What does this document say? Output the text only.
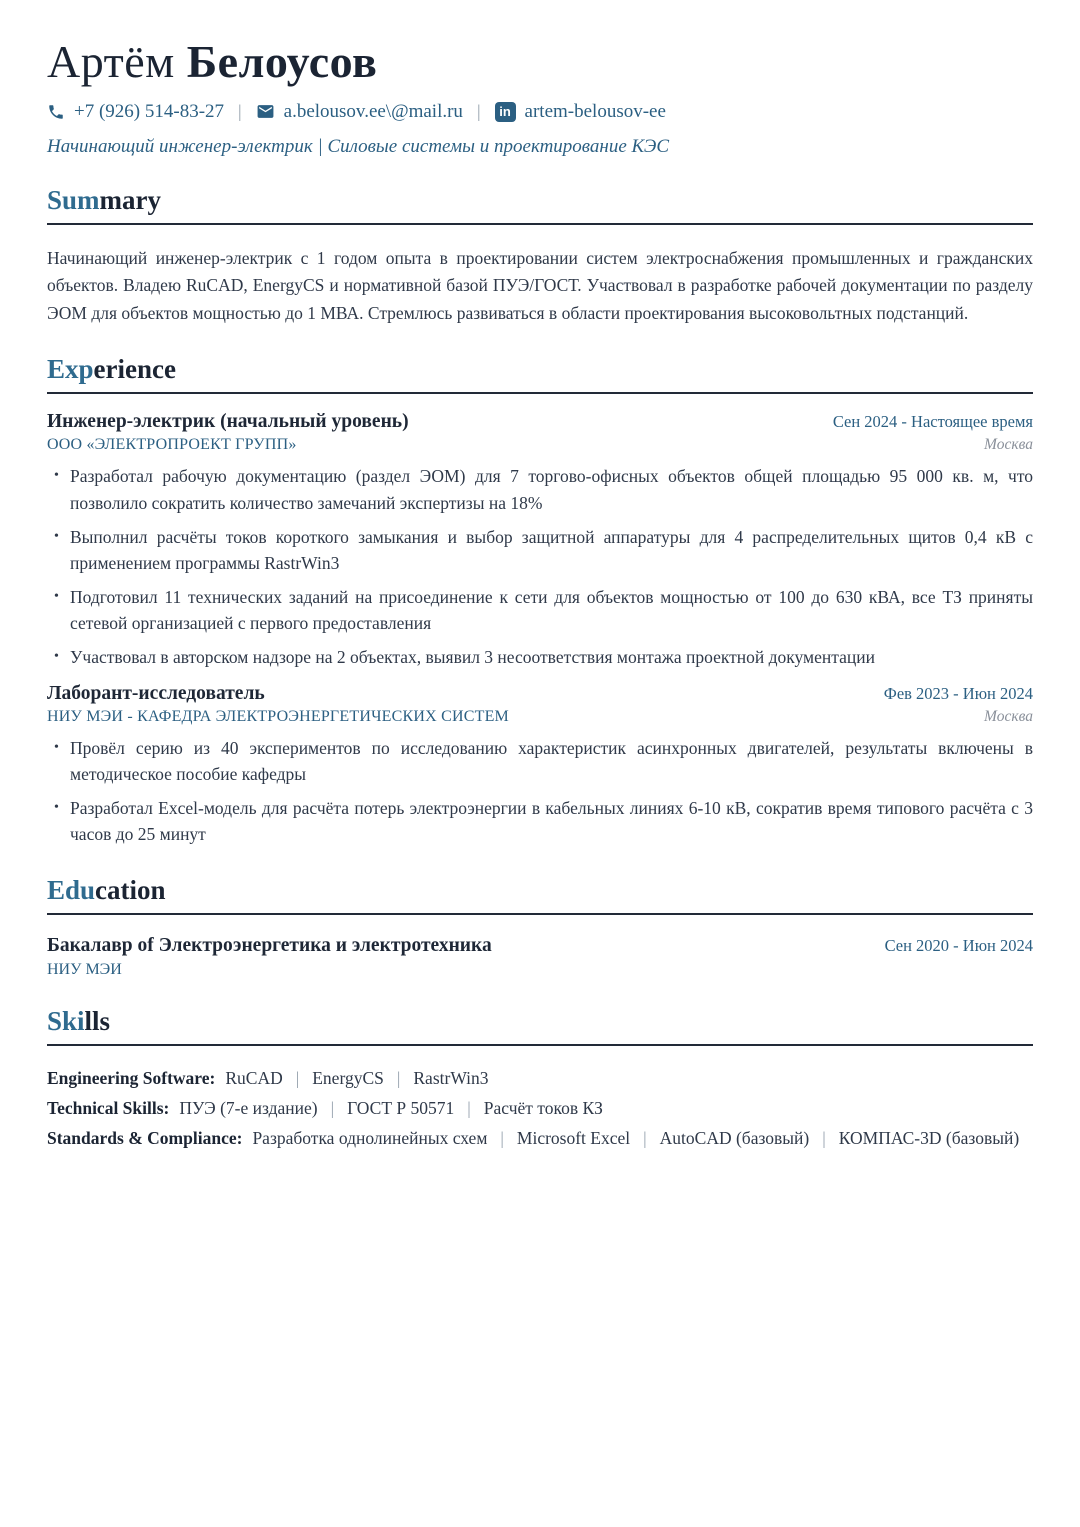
Артём Белоусов
+7 (926) 514-83-27 | a.belousov.ee\@mail.ru |	in artem-belousov-ee
Начинающий инженер-электрик | Силовые системы и проектирование КЭС
Summary

Начинающий инженер-электрик с 1 годом опыта в проектировании систем электроснабжения промышленных и гражданских объектов. Владею RuCAD, EnergyCS и нормативной базой ПУЭ/ГОСТ. Участвовал в разработке рабочей документации по разделу ЭОМ для объектов мощностью до 1 МВА. Стремлюсь развиваться в области проектирования высоковольтных подстанций.

Experience
Инженер-электрик (начальный уровень)	Сен 2024 - Настоящее время
ООО «ЭЛЕКТРОПРОЕКТ ГРУПП»	Москва
• Разработал рабочую документацию (раздел ЭОМ) для 7 торгово-офисных объектов общей площадью 95 000 кв. м, что позволило сократить количество замечаний экспертизы на 18%
• Выполнил расчёты токов короткого замыкания и выбор защитной аппаратуры для 4 распределительных щитов 0,4 кВ с применением программы RastrWin3
• Подготовил 11 технических заданий на присоединение к сети для объектов мощностью от 100 до 630 кВА, все ТЗ приняты сетевой организацией с первого предоставления
• Участвовал в авторском надзоре на 2 объектах, выявил 3 несоответствия монтажа проектной документации
Лаборант-исследователь	Фев 2023 - Июн 2024
НИУ МЭИ - КАФЕДРА ЭЛЕКТРОЭНЕРГЕТИЧЕСКИХ СИСТЕМ	Москва
• Провёл серию из 40 экспериментов по исследованию характеристик асинхронных двигателей, результаты включены в методическое пособие кафедры
• Разработал Excel-модель для расчёта потерь электроэнергии в кабельных линиях 6-10 кВ, сократив время типового расчёта с 3 часов до 25 минут
Education
Бакалавр of Электроэнергетика и электротехника	Сен 2020 - Июн 2024
НИУ МЭИ
Skills

Engineering Software: RuCAD | EnergyCS | RastrWin3

Technical Skills: ПУЭ (7-е издание) | ГОСТ Р 50571 | Расчёт токов КЗ

Standards & Compliance: Разработка однолинейных схем | Microsoft Excel | AutoCAD (базовый) | КОМПАС-3D (базовый)
